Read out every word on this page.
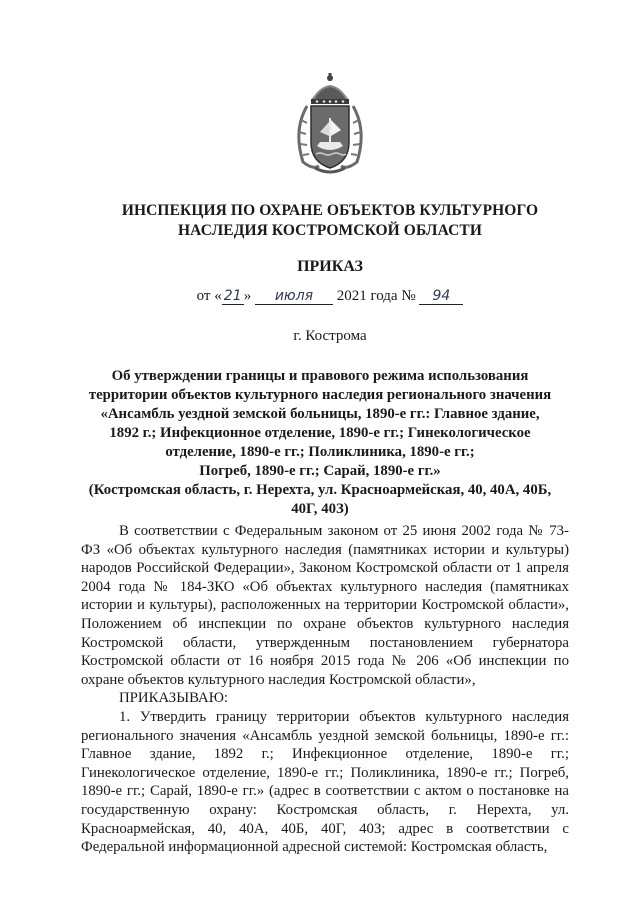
ИНСПЕКЦИЯ ПО ОХРАНЕ ОБЪЕКТОВ КУЛЬТУРНОГО
НАСЛЕДИЯ КОСТРОМСКОЙ ОБЛАСТИ
ПРИКАЗ
от « 21 » июля 2021 года № 94
г. Кострома
Об утверждении границы и правового режима использования
территории объектов культурного наследия регионального значения
«Ансамбль уездной земской больницы, 1890-е гг.: Главное здание,
1892 г.; Инфекционное отделение, 1890-е гг.; Гинекологическое
отделение, 1890-е гг.; Поликлиника, 1890-е гг.;
Погреб, 1890-е гг.; Сарай, 1890-е гг.»
(Костромская область, г. Нерехта, ул. Красноармейская, 40, 40А, 40Б,
40Г, 40З)

В соответствии с Федеральным законом от 25 июня 2002 года № 73-ФЗ «Об объектах культурного наследия (памятниках истории и культуры) народов Российской Федерации», Законом Костромской области от 1 апреля 2004 года № 184-ЗКО «Об объектах культурного наследия (памятниках истории и культуры), расположенных на территории Костромской области», Положением об инспекции по охране объектов культурного наследия Костромской области, утвержденным постановлением губернатора Костромской области от 16 ноября 2015 года № 206 «Об инспекции по охране объектов культурного наследия Костромской области»,

ПРИКАЗЫВАЮ:

1. Утвердить границу территории объектов культурного наследия регионального значения «Ансамбль уездной земской больницы, 1890-е гг.: Главное здание, 1892 г.; Инфекционное отделение, 1890-е гг.; Гинекологическое отделение, 1890-е гг.; Поликлиника, 1890-е гг.; Погреб, 1890-е гг.; Сарай, 1890-е гг.» (адрес в соответствии с актом о постановке на государственную охрану: Костромская область, г. Нерехта, ул. Красноармейская, 40, 40А, 40Б, 40Г, 40З; адрес в соответствии с Федеральной информационной адресной системой: Костромская область,
